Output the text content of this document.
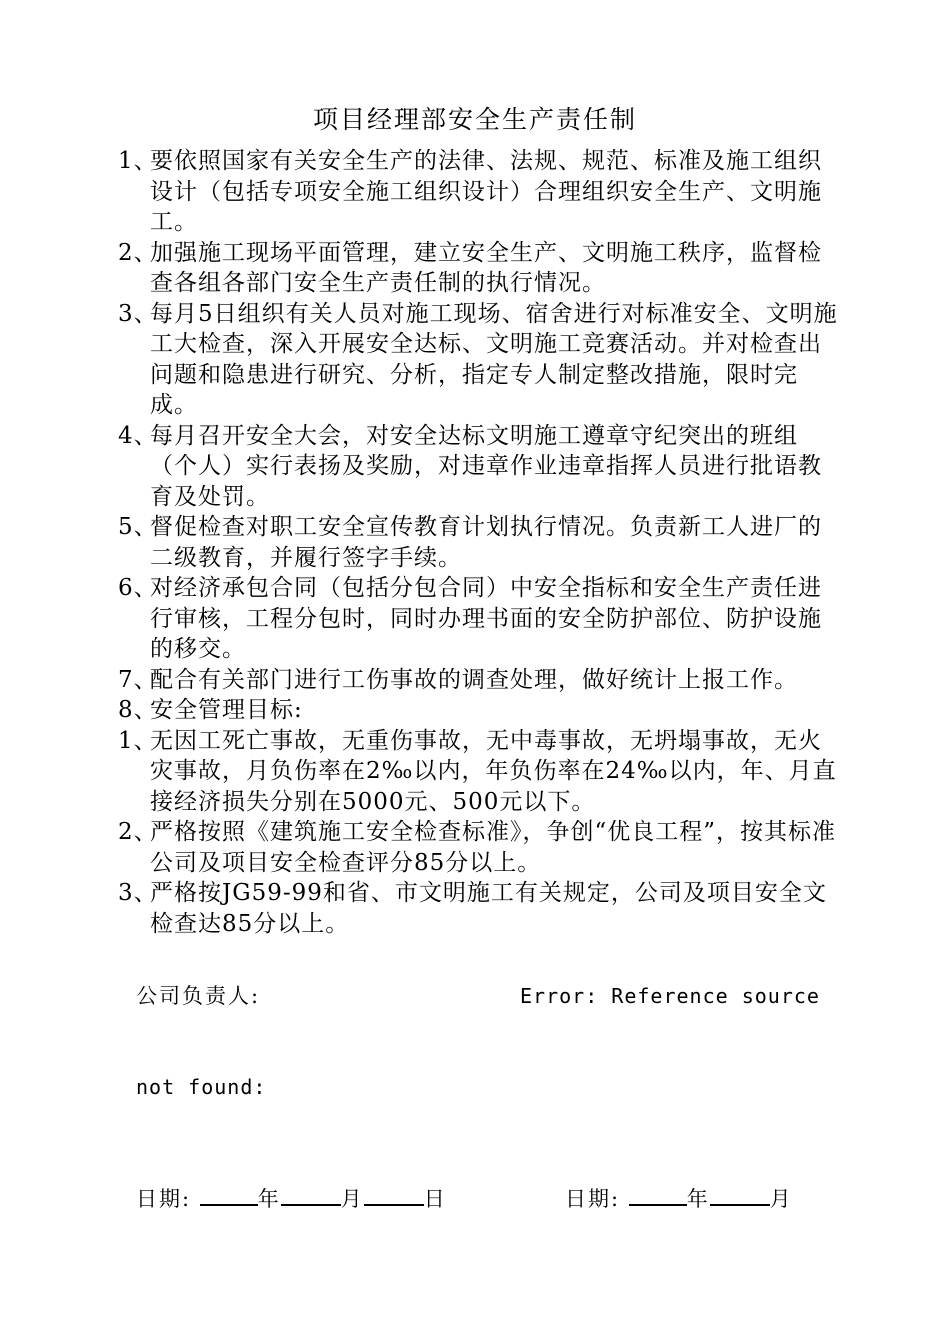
项目经理部安全生产责任制
1、
要依照国家有关安全生产的法律、法规、规范、标准及施工组织设计（包括专项安全施工组织设计）合理组织安全生产、文明施工。
2、
加强施工现场平面管理，建立安全生产、文明施工秩序，监督检查各组各部门安全生产责任制的执行情况。
3、
每月5日组织有关人员对施工现场、宿舍进行对标准安全、文明施工大检查，深入开展安全达标、文明施工竞赛活动。并对检查出问题和隐患进行研究、分析，指定专人制定整改措施，限时完成。
4、
每月召开安全大会，对安全达标文明施工遵章守纪突出的班组（个人）实行表扬及奖励，对违章作业违章指挥人员进行批语教育及处罚。
5、
督促检查对职工安全宣传教育计划执行情况。负责新工人进厂的二级教育，并履行签字手续。
6、
对经济承包合同（包括分包合同）中安全指标和安全生产责任进行审核，工程分包时，同时办理书面的安全防护部位、防护设施的移交。
7、
配合有关部门进行工伤事故的调查处理，做好统计上报工作。
8、
安全管理目标:
1、
无因工死亡事故，无重伤事故，无中毒事故，无坍塌事故，无火灾事故，月负伤率在2‰以内，年负伤率在24‰以内，年、月直接经济损失分别在5000元、500元以下。
2、
严格按照《建筑施工安全检查标准》，争创“优良工程”，按其标准公司及项目安全检查评分85分以上。
3、
严格按JG59-99和省、市文明施工有关规定，公司及项目安全文检查达85分以上。
公司负责人:	Error: Reference source
not found:
日期:	年	月	日	日期:	年	月
